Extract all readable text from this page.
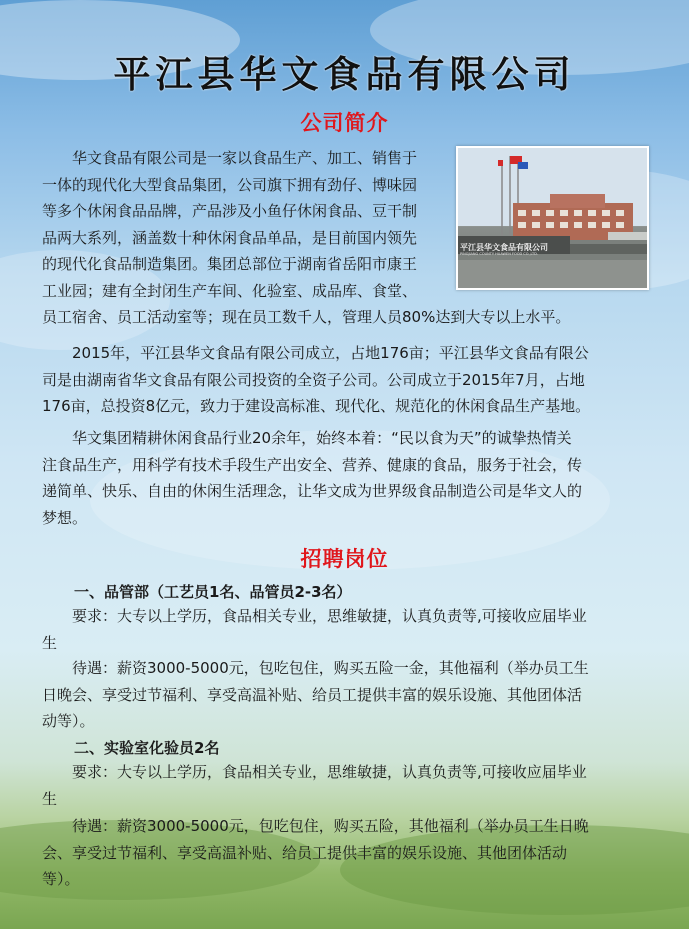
平江县华文食品有限公司
公司简介
平江县华文食品有限公司
PINGJIANG COUNTY HUAWEN FOOD CO.,LTD.
华文食品有限公司是一家以食品生产、加工、销售于
一体的现代化大型食品集团，公司旗下拥有劲仔、博味园
等多个休闲食品品牌，产品涉及小鱼仔休闲食品、豆干制
品两大系列，涵盖数十种休闲食品单品，是目前国内领先
的现代化食品制造集团。集团总部位于湖南省岳阳市康王
工业园；建有全封闭生产车间、化验室、成品库、食堂、
员工宿舍、员工活动室等；现在员工数千人，管理人员80%达到大专以上水平。
2015年，平江县华文食品有限公司成立，占地176亩；平江县华文食品有限公
司是由湖南省华文食品有限公司投资的全资子公司。公司成立于2015年7月，占地
176亩，总投资8亿元，致力于建设高标准、现代化、规范化的休闲食品生产基地。
华文集团精耕休闲食品行业20余年，始终本着：“民以食为天”的诚挚热情关
注食品生产，用科学有技术手段生产出安全、营养、健康的食品，服务于社会，传
递简单、快乐、自由的休闲生活理念，让华文成为世界级食品制造公司是华文人的
梦想。
招聘岗位
一、品管部（工艺员1名、品管员2-3名）
要求：大专以上学历，食品相关专业，思维敏捷，认真负责等,可接收应届毕业
生
待遇：薪资3000-5000元，包吃包住，购买五险一金，其他福利（举办员工生
日晚会、享受过节福利、享受高温补贴、给员工提供丰富的娱乐设施、其他团体活
动等）。
二、实验室化验员2名
要求：大专以上学历，食品相关专业，思维敏捷，认真负责等,可接收应届毕业
生
待遇：薪资3000-5000元，包吃包住，购买五险，其他福利（举办员工生日晚
会、享受过节福利、享受高温补贴、给员工提供丰富的娱乐设施、其他团体活动
等）。
